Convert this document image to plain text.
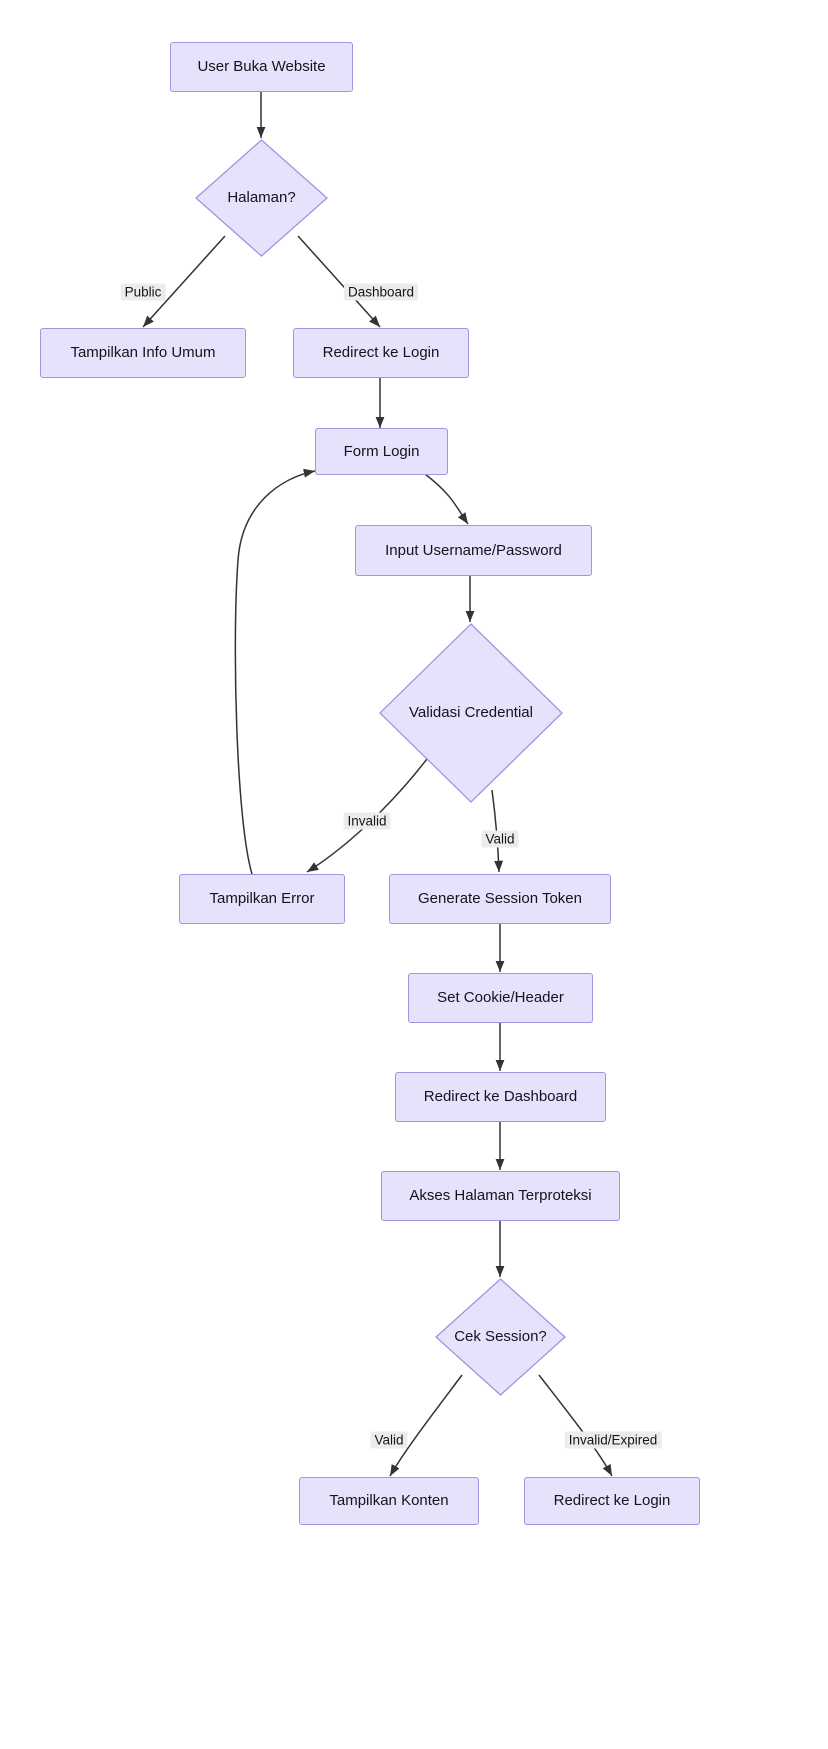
User Buka Website
Halaman?
Tampilkan Info Umum	Redirect ke Login
Form Login
Input Username/Password
Validasi Credential
Tampilkan Error	Generate Session Token
Set Cookie/Header
Redirect ke Dashboard
Akses Halaman Terproteksi
Cek Session?
Tampilkan Konten	Redirect ke Login
Public	Dashboard
Invalid
Valid
Valid	Invalid/Expired
